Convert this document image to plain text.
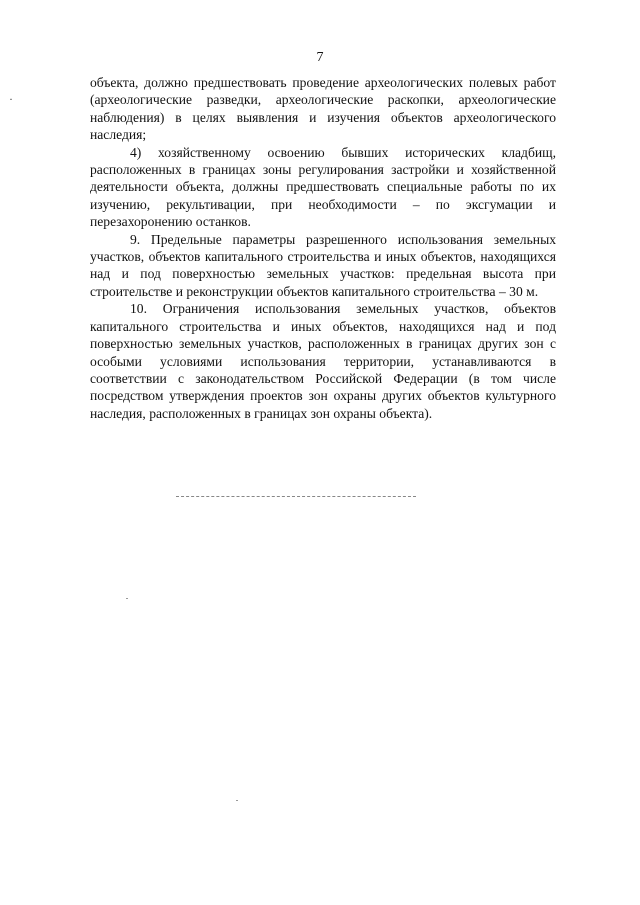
7
·

объекта, должно предшествовать проведение археологических полевых работ (археологические разведки, археологические раскопки, археологические наблюдения) в целях выявления и изучения объектов археологического наследия;

4) хозяйственному освоению бывших исторических кладбищ, расположенных в границах зоны регулирования застройки и хозяйственной деятельности объекта, должны предшествовать специальные работы по их изучению, рекультивации, при необходимости – по эксгумации и перезахоронению останков.

9. Предельные параметры разрешенного использования земельных участков, объектов капитального строительства и иных объектов, находящихся над и под поверхностью земельных участков: предельная высота при строительстве и реконструкции объектов капитального строительства – 30 м.

10. Ограничения использования земельных участков, объектов капитального строительства и иных объектов, находящихся над и под поверхностью земельных участков, расположенных в границах других зон с особыми условиями использования территории, устанавливаются в соответствии с законодательством Российской Федерации (в том числе посредством утверждения проектов зон охраны других объектов культурного наследия, расположенных в границах зон охраны объекта).
